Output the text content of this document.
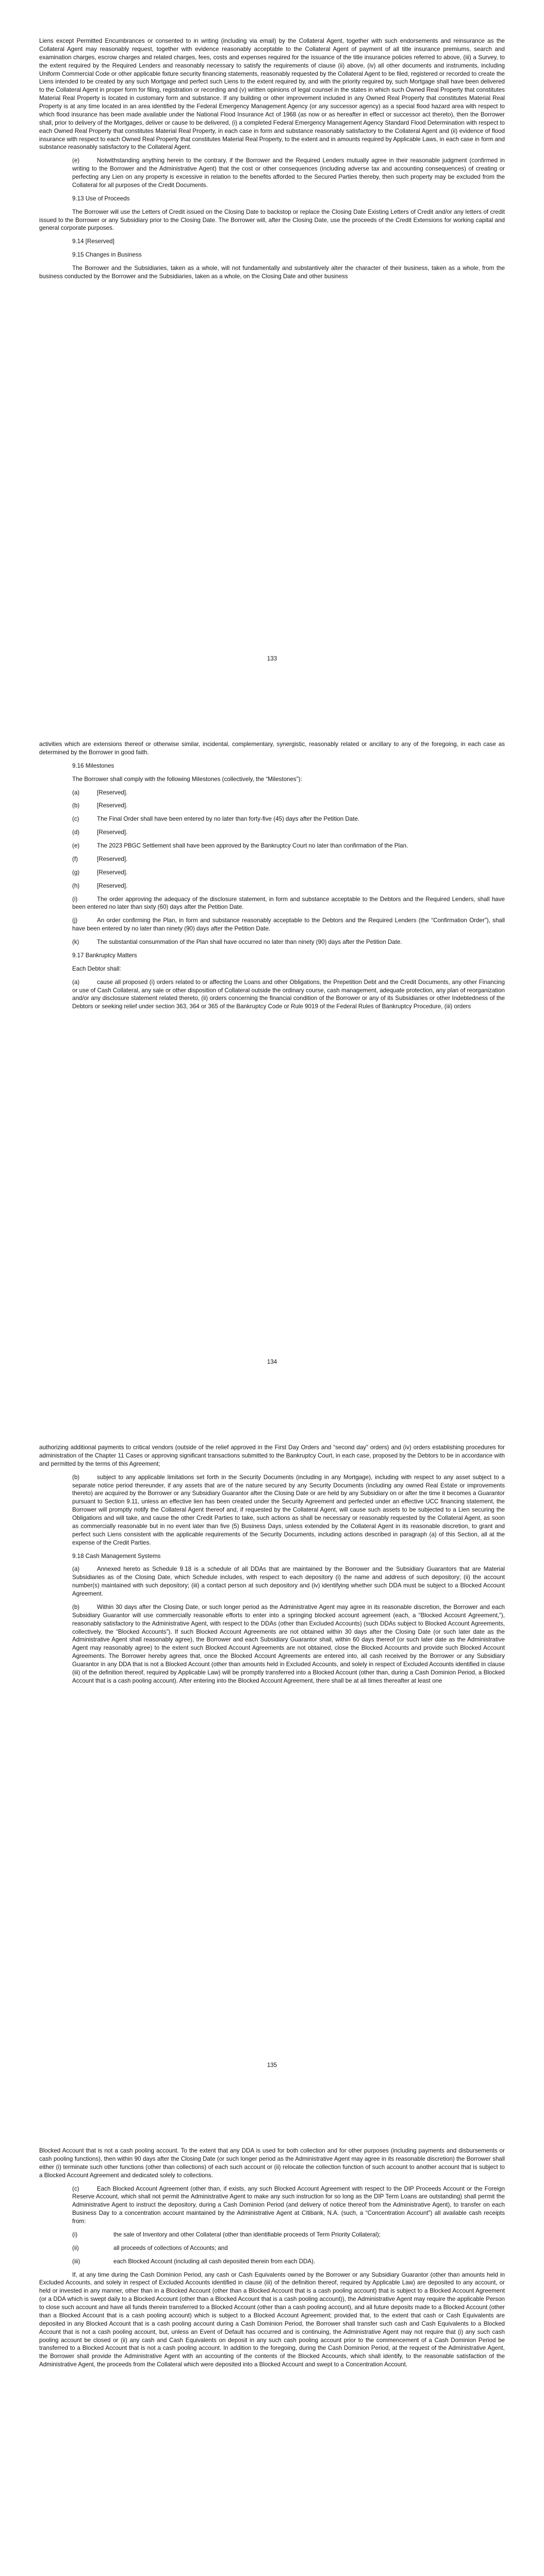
Liens except Permitted Encumbrances or consented to in writing (including via email) by the Collateral Agent, together with such endorsements and reinsurance as the Collateral Agent may reasonably request, together with evidence reasonably acceptable to the Collateral Agent of payment of all title insurance premiums, search and examination charges, escrow charges and related charges, fees, costs and expenses required for the issuance of the title insurance policies referred to above, (iii) a Survey, to the extent required by the Required Lenders and reasonably necessary to satisfy the requirements of clause (ii) above, (iv) all other documents and instruments, including Uniform Commercial Code or other applicable fixture security financing statements, reasonably requested by the Collateral Agent to be filed, registered or recorded to create the Liens intended to be created by any such Mortgage and perfect such Liens to the extent required by, and with the priority required by, such Mortgage shall have been delivered to the Collateral Agent in proper form for filing, registration or recording and (v) written opinions of legal counsel in the states in which such Owned Real Property that constitutes Material Real Property is located in customary form and substance. If any building or other improvement included in any Owned Real Property that constitutes Material Real Property is at any time located in an area identified by the Federal Emergency Management Agency (or any successor agency) as a special flood hazard area with respect to which flood insurance has been made available under the National Flood Insurance Act of 1968 (as now or as hereafter in effect or successor act thereto), then the Borrower shall, prior to delivery of the Mortgages, deliver or cause to be delivered, (i) a completed Federal Emergency Management Agency Standard Flood Determination with respect to each Owned Real Property that constitutes Material Real Property, in each case in form and substance reasonably satisfactory to the Collateral Agent and (ii) evidence of flood insurance with respect to each Owned Real Property that constitutes Material Real Property, to the extent and in amounts required by Applicable Laws, in each case in form and substance reasonably satisfactory to the Collateral Agent.

(e)	Notwithstanding anything herein to the contrary, if the Borrower and the Required Lenders mutually agree in their reasonable judgment (confirmed in writing to the Borrower and the Administrative Agent) that the cost or other consequences (including adverse tax and accounting consequences) of creating or perfecting any Lien on any property is excessive in relation to the benefits afforded to the Secured Parties thereby, then such property may be excluded from the Collateral for all purposes of the Credit Documents.

9.13 Use of Proceeds

The Borrower will use the Letters of Credit issued on the Closing Date to backstop or replace the Closing Date Existing Letters of Credit and/or any letters of credit issued to the Borrower or any Subsidiary prior to the Closing Date. The Borrower will, after the Closing Date, use the proceeds of the Credit Extensions for working capital and general corporate purposes.

9.14 [Reserved]

9.15 Changes in Business

The Borrower and the Subsidiaries, taken as a whole, will not fundamentally and substantively alter the character of their business, taken as a whole, from the business conducted by the Borrower and the Subsidiaries, taken as a whole, on the Closing Date and other business

133

activities which are extensions thereof or otherwise similar, incidental, complementary, synergistic, reasonably related or ancillary to any of the foregoing, in each case as determined by the Borrower in good faith.

9.16 Milestones

The Borrower shall comply with the following Milestones (collectively, the “Milestones”):

(a)	[Reserved].

(b)	[Reserved].

(c)	The Final Order shall have been entered by no later than forty-five (45) days after the Petition Date.

(d)	[Reserved].

(e)	The 2023 PBGC Settlement shall have been approved by the Bankruptcy Court no later than confirmation of the Plan.

(f)	[Reserved].

(g)	[Reserved].

(h)	[Reserved].

(i)	The order approving the adequacy of the disclosure statement, in form and substance acceptable to the Debtors and the Required Lenders, shall have been entered no later than sixty (60) days after the Petition Date.

(j)	An order confirming the Plan, in form and substance reasonably acceptable to the Debtors and the Required Lenders (the “Confirmation Order”), shall have been entered by no later than ninety (90) days after the Petition Date.

(k)	The substantial consummation of the Plan shall have occurred no later than ninety (90) days after the Petition Date.

9.17 Bankruptcy Matters

Each Debtor shall:

(a)	cause all proposed (i) orders related to or affecting the Loans and other Obligations, the Prepetition Debt and the Credit Documents, any other Financing or use of Cash Collateral, any sale or other disposition of Collateral outside the ordinary course, cash management, adequate protection, any plan of reorganization and/or any disclosure statement related thereto, (ii) orders concerning the financial condition of the Borrower or any of its Subsidiaries or other Indebtedness of the Debtors or seeking relief under section 363, 364 or 365 of the Bankruptcy Code or Rule 9019 of the Federal Rules of Bankruptcy Procedure, (iii) orders

134

authorizing additional payments to critical vendors (outside of the relief approved in the First Day Orders and “second day” orders) and (iv) orders establishing procedures for administration of the Chapter 11 Cases or approving significant transactions submitted to the Bankruptcy Court, in each case, proposed by the Debtors to be in accordance with and permitted by the terms of this Agreement;

(b)	subject to any applicable limitations set forth in the Security Documents (including in any Mortgage), including with respect to any asset subject to a separate notice period thereunder, if any assets that are of the nature secured by any Security Documents (including any owned Real Estate or improvements thereto) are acquired by the Borrower or any Subsidiary Guarantor after the Closing Date or are held by any Subsidiary on or after the time it becomes a Guarantor pursuant to Section 9.11, unless an effective lien has been created under the Security Agreement and perfected under an effective UCC financing statement, the Borrower will promptly notify the Collateral Agent thereof and, if requested by the Collateral Agent, will cause such assets to be subjected to a Lien securing the Obligations and will take, and cause the other Credit Parties to take, such actions as shall be necessary or reasonably requested by the Collateral Agent, as soon as commercially reasonable but in no event later than five (5) Business Days, unless extended by the Collateral Agent in its reasonable discretion, to grant and perfect such Liens consistent with the applicable requirements of the Security Documents, including actions described in paragraph (a) of this Section, all at the expense of the Credit Parties.

9.18 Cash Management Systems

(a)	Annexed hereto as Schedule 9.18 is a schedule of all DDAs that are maintained by the Borrower and the Subsidiary Guarantors that are Material Subsidiaries as of the Closing Date, which Schedule includes, with respect to each depository (i) the name and address of such depository; (ii) the account number(s) maintained with such depository; (iii) a contact person at such depository and (iv) identifying whether such DDA must be subject to a Blocked Account Agreement.

(b)	Within 30 days after the Closing Date, or such longer period as the Administrative Agent may agree in its reasonable discretion, the Borrower and each Subsidiary Guarantor will use commercially reasonable efforts to enter into a springing blocked account agreement (each, a “Blocked Account Agreement,”), reasonably satisfactory to the Administrative Agent, with respect to the DDAs (other than Excluded Accounts) (such DDAs subject to Blocked Account Agreements, collectively, the “Blocked Accounts”). If such Blocked Account Agreements are not obtained within 30 days after the Closing Date (or such later date as the Administrative Agent shall reasonably agree), the Borrower and each Subsidiary Guarantor shall, within 60 days thereof (or such later date as the Administrative Agent may reasonably agree) to the extent such Blocked Account Agreements are not obtained, close the Blocked Accounts and provide such Blocked Account Agreements. The Borrower hereby agrees that, once the Blocked Account Agreements are entered into, all cash received by the Borrower or any Subsidiary Guarantor in any DDA that is not a Blocked Account (other than amounts held in Excluded Accounts, and solely in respect of Excluded Accounts identified in clause (iii) of the definition thereof, required by Applicable Law) will be promptly transferred into a Blocked Account (other than, during a Cash Dominion Period, a Blocked Account that is a cash pooling account). After entering into the Blocked Account Agreement, there shall be at all times thereafter at least one

135

Blocked Account that is not a cash pooling account. To the extent that any DDA is used for both collection and for other purposes (including payments and disbursements or cash pooling functions), then within 90 days after the Closing Date (or such longer period as the Administrative Agent may agree in its reasonable discretion) the Borrower shall either (i) terminate such other functions (other than collections) of each such account or (ii) relocate the collection function of such account to another account that is subject to a Blocked Account Agreement and dedicated solely to collections.

(c)	Each Blocked Account Agreement (other than, if exists, any such Blocked Account Agreement with respect to the DIP Proceeds Account or the Foreign Reserve Account, which shall not permit the Administrative Agent to make any such instruction for so long as the DIP Term Loans are outstanding) shall permit the Administrative Agent to instruct the depository, during a Cash Dominion Period (and delivery of notice thereof from the Administrative Agent), to transfer on each Business Day to a concentration account maintained by the Administrative Agent at Citibank, N.A. (such, a “Concentration Account”) all available cash receipts from:

(i)	the sale of Inventory and other Collateral (other than identifiable proceeds of Term Priority Collateral);

(ii)	all proceeds of collections of Accounts; and

(iii)	each Blocked Account (including all cash deposited therein from each DDA).

If, at any time during the Cash Dominion Period, any cash or Cash Equivalents owned by the Borrower or any Subsidiary Guarantor (other than amounts held in Excluded Accounts, and solely in respect of Excluded Accounts identified in clause (iii) of the definition thereof, required by Applicable Law) are deposited to any account, or held or invested in any manner, other than in a Blocked Account (other than a Blocked Account that is a cash pooling account) that is subject to a Blocked Account Agreement (or a DDA which is swept daily to a Blocked Account (other than a Blocked Account that is a cash pooling account)), the Administrative Agent may require the applicable Person to close such account and have all funds therein transferred to a Blocked Account (other than a cash pooling account), and all future deposits made to a Blocked Account (other than a Blocked Account that is a cash pooling account) which is subject to a Blocked Account Agreement; provided that, to the extent that cash or Cash Equivalents are deposited in any Blocked Account that is a cash pooling account during a Cash Dominion Period, the Borrower shall transfer such cash and Cash Equivalents to a Blocked Account that is not a cash pooling account, but, unless an Event of Default has occurred and is continuing, the Administrative Agent may not require that (i) any such cash pooling account be closed or (ii) any cash and Cash Equivalents on deposit in any such cash pooling account prior to the commencement of a Cash Dominion Period be transferred to a Blocked Account that is not a cash pooling account. In addition to the foregoing, during the Cash Dominion Period, at the request of the Administrative Agent, the Borrower shall provide the Administrative Agent with an accounting of the contents of the Blocked Accounts, which shall identify, to the reasonable satisfaction of the Administrative Agent, the proceeds from the Collateral which were deposited into a Blocked Account and swept to a Concentration Account.
